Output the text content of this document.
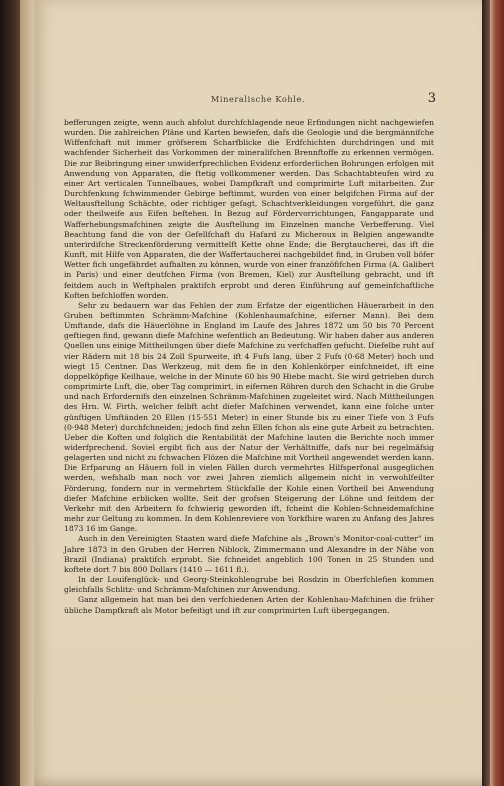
Mineralische Kohle.	3

befferungen zeigte, wenn auch abfolut durchfchlagende neue Erfindungen nicht nachgewiefen wurden. Die zahlreichen Pläne und Karten bewiefen, dafs die Geologie und die bergmännifche Wiffenfchaft mit immer gröfserem Scharfblicke die Erdfchichten durchdringen und mit wachfender Sicherheit das Vorkommen der mineralifchen Brennftoffe zu erkennen vermögen. Die zur Beibringung einer unwiderfprechlichen Evidenz erforderlichen Bohrungen erfolgen mit Anwendung von Apparaten, die ftetig vollkommener werden. Das Schachtabteufen wird zu einer Art verticalen Tunnelbaues, wobei Dampfkraft und comprimirte Luft mitarbeiten. Zur Durchfenkung fchwimmender Gebirge beftimmt, wurden von einer belgifchen Firma auf der Weltausftellung Schächte, oder richtiger gefagt, Schachtverkleidungen vorgeführt, die ganz oder theilweife aus Eifen beftehen. In Bezug auf Fördervorrichtungen, Fangapparate und Wafferhebungsmafchinen zeigte die Ausftellung im Einzelnen manche Verbefferung. Viel Beachtung fand die von der Gefellfchaft du Hafard zu Micheroux in Belgien angewandte unterirdifche Streckenförderung vermittelft Kette ohne Ende; die Bergtaucherei, das ift die Kunft, mit Hilfe von Apparaten, die der Waffertaucherei nachgebildet find, in Gruben voll böfer Wetter fich ungefährdet aufhalten zu können, wurde von einer franzöfifchen Firma (A. Galibert in Paris) und einer deutfchen Firma (von Bremen, Kiel) zur Ausftellung gebracht, und ift feitdem auch in Weftphalen praktifch erprobt und deren Einführung auf gemeinfchaftliche Koften befchloffen worden.

Sehr zu bedauern war das Fehlen der zum Erfatze der eigentlichen Häuerarbeit in den Gruben beftimmten Schrämm-Mafchine (Kohlenhaumafchine, eiferner Mann). Bei dem Umftande, dafs die Häuerlöhne in England im Laufe des Jahres 1872 um 50 bis 70 Percent geftiegen find, gewann diefe Mafchine wefentlich an Bedeutung. Wir haben daher aus anderen Quellen uns einige Mittheilungen über diefe Mafchine zu verfchaffen gefucht. Diefelbe ruht auf vier Rädern mit 18 bis 24 Zoll Spurweite, ift 4 Fufs lang, über 2 Fufs (0·68 Meter) hoch und wiegt 15 Centner. Das Werkzeug, mit dem fie in den Kohlenkörper einfchneidet, ift eine doppelköpfige Keilhaue, welche in der Minute 60 bis 90 Hiebe macht. Sie wird getrieben durch comprimirte Luft, die, ober Tag comprimirt, in eifernen Röhren durch den Schacht in die Grube und nach Erfordernifs den einzelnen Schrämm-Mafchinen zugeleitet wird. Nach Mittheilungen des Hrn. W. Firth, welcher felbft acht diefer Mafchinen verwendet, kann eine folche unter günftigen Umftänden 20 Ellen (15·551 Meter) in einer Stunde bis zu einer Tiefe von 3 Fufs (0·948 Meter) durchfchneiden; jedoch find zehn Ellen fchon als eine gute Arbeit zu betrachten. Ueber die Koften und folglich die Rentabilität der Mafchine lauten die Berichte noch immer widerfprechend. Soviel ergibt fich aus der Natur der Verhältniffe, dafs nur bei regelmäfsig gelagerten und nicht zu fchwachen Flözen die Mafchine mit Vortheil angewendet werden kann. Die Erfparung an Häuern foll in vielen Fällen durch vermehrtes Hilfsperfonal ausgeglichen werden, wefshalb man noch vor zwei Jahren ziemlich allgemein nicht in verwohlfeilter Förderung, fondern nur in vermehrtem Stückfalle der Kohle einen Vortheil bei Anwendung diefer Mafchine erblicken wollte. Seit der grofsen Steigerung der Löhne und feitdem der Verkehr mit den Arbeitern fo fchwierig geworden ift, fcheint die Kohlen-Schneidemafchine mehr zur Geltung zu kommen. In dem Kohlenreviere von Yorkfhire waren zu Anfang des Jahres 1873 16 im Gange.

Auch in den Vereinigten Staaten ward diefe Mafchine als „Brown's Monitor-coal-cutter" im Jahre 1873 in den Gruben der Herren Niblock, Zimmermann und Alexandre in der Nähe von Brazil (Indiana) praktifch erprobt. Sie fchneidet angeblich 100 Tonen in 25 Stunden und koftete dort 7 bis 800 Dollars (1410 — 1611 fl.).

In der Louifenglück- und Georg-Steinkohlengrube bei Rosdzin in Oberfchlefien kommen gleichfalls Schlitz- und Schrämm-Mafchinen zur Anwendung.

Ganz allgemein hat man bei den verfchiedenen Arten der Kohlenhau-Mafchinen die früher übliche Dampfkraft als Motor befeitigt und ift zur comprimirten Luft übergegangen.
